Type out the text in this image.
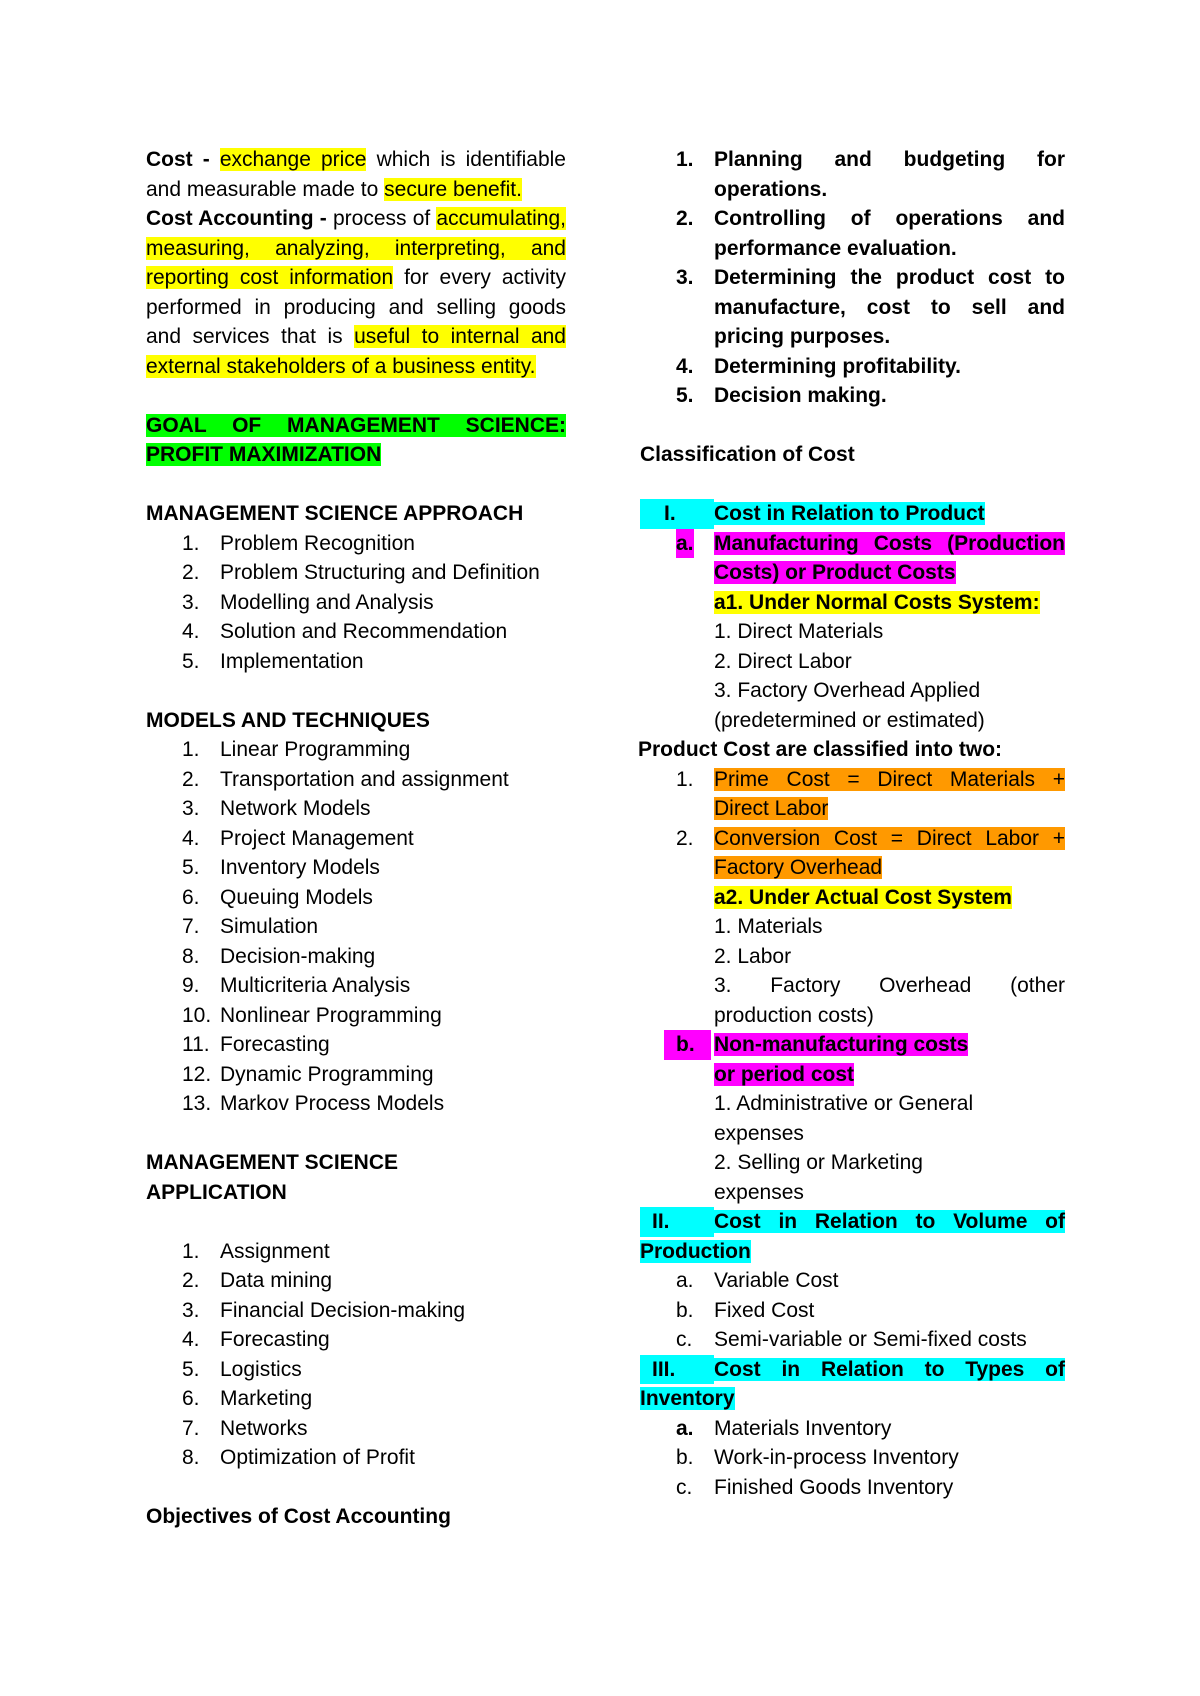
Cost - exchange price which is identifiable and measurable made to secure benefit.

Cost Accounting - process of accumulating, measuring, analyzing, interpreting, and reporting cost information for every activity performed in producing and selling goods and services that is useful to internal and external stakeholders of a business entity.

GOAL OF MANAGEMENT SCIENCE: PROFIT MAXIMIZATION

MANAGEMENT SCIENCE APPROACH

1. Problem Recognition
2. Problem Structuring and Definition
3. Modelling and Analysis
4. Solution and Recommendation
5. Implementation

MODELS AND TECHNIQUES

1. Linear Programming
2. Transportation and assignment
3. Network Models
4. Project Management
5. Inventory Models
6. Queuing Models
7. Simulation
8. Decision-making
9. Multicriteria Analysis
10. Nonlinear Programming
11. Forecasting
12. Dynamic Programming
13. Markov Process Models

MANAGEMENT SCIENCE APPLICATION

1. Assignment
2. Data mining
3. Financial Decision-making
4. Forecasting
5. Logistics
6. Marketing
7. Networks
8. Optimization of Profit

Objectives of Cost Accounting

1. Planning and budgeting for operations.
2. Controlling of operations and performance evaluation.
3. Determining the product cost to manufacture, cost to sell and pricing purposes.
4. Determining profitability.
5. Decision making.

Classification of Cost

I. Cost in Relation to Product
a. Manufacturing Costs (Production Costs) or Product Costs
a1. Under Normal Costs System:
1. Direct Materials
2. Direct Labor
3. Factory Overhead Applied (predetermined or estimated)
Product Cost are classified into two:
1. Prime Cost = Direct Materials + Direct Labor
2. Conversion Cost = Direct Labor + Factory Overhead
a2. Under Actual Cost System
1. Materials
2. Labor
3. Factory Overhead (other production costs)
b. Non-manufacturing costs or period cost
1. Administrative or General expenses
2. Selling or Marketing expenses
II. Cost in Relation to Volume of Production
a. Variable Cost
b. Fixed Cost
c. Semi-variable or Semi-fixed costs
III. Cost in Relation to Types of Inventory
a. Materials Inventory
b. Work-in-process Inventory
c. Finished Goods Inventory
